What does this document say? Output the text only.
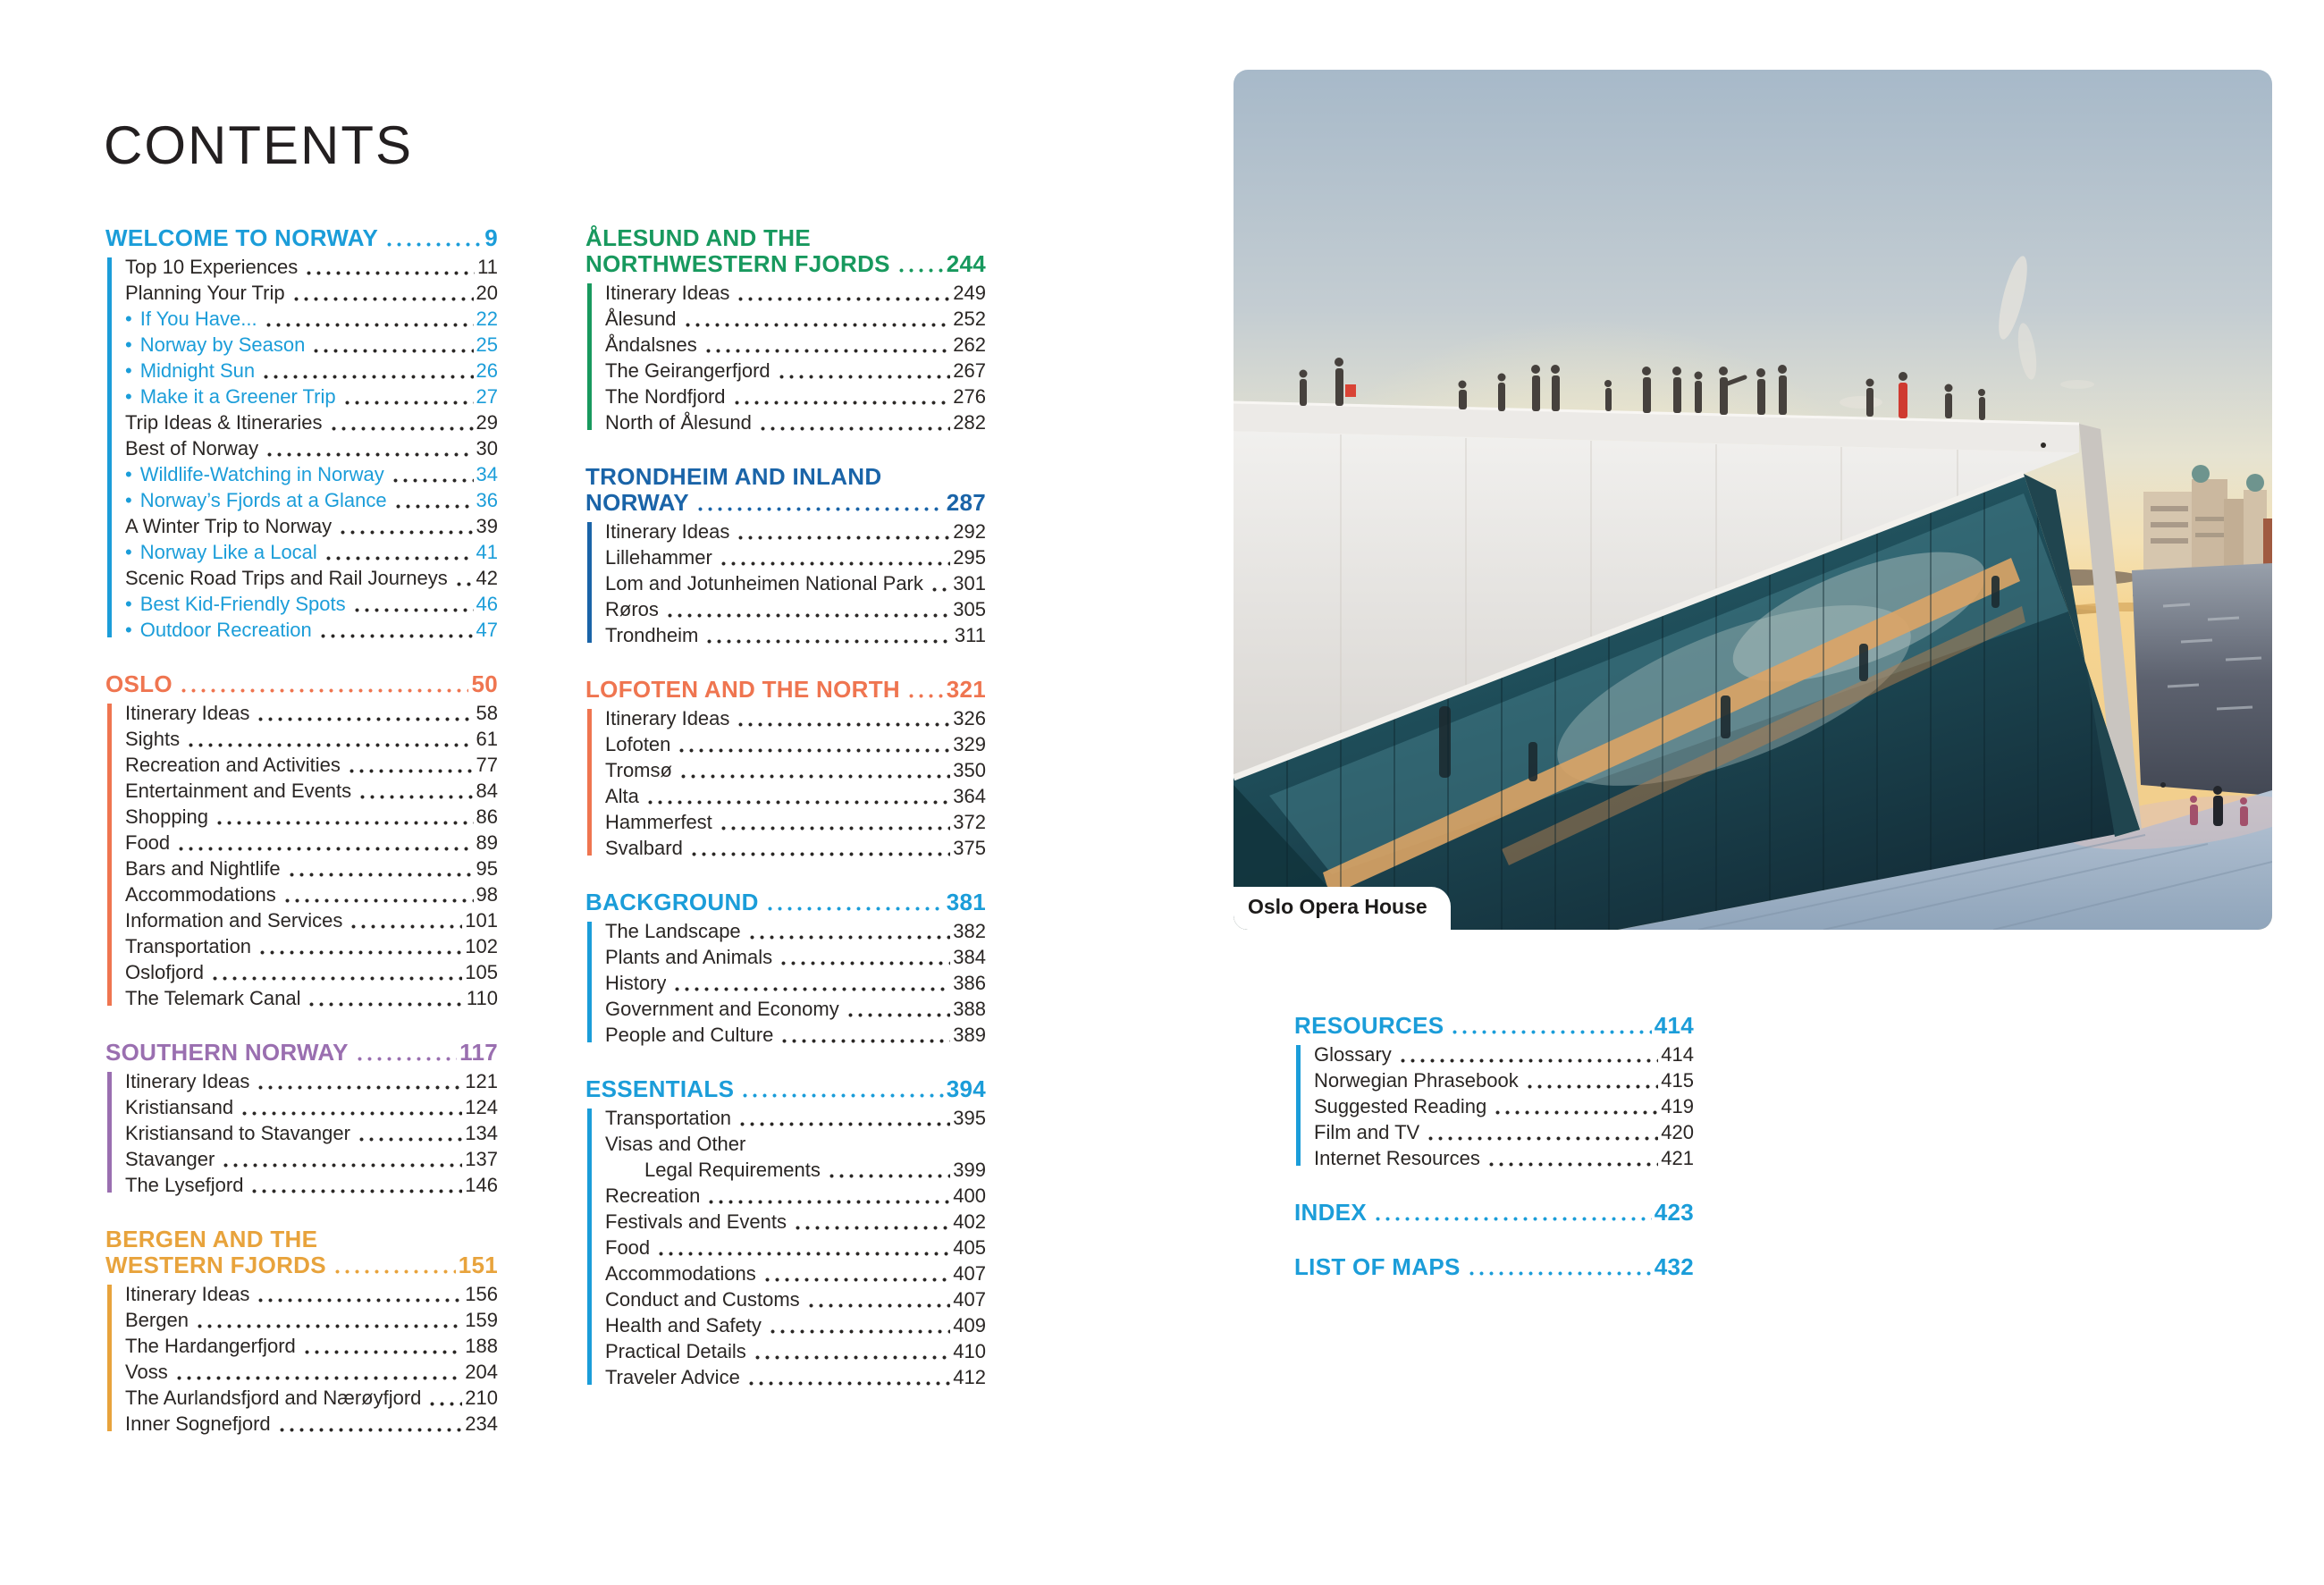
CONTENTS
WELCOME TO NORWAY	9
Top 10 Experiences	11
Planning Your Trip	20
• If You Have...	22
• Norway by Season	25
• Midnight Sun	26
• Make it a Greener Trip	27
Trip Ideas & Itineraries	29
Best of Norway	30
• Wildlife-Watching in Norway	34
• Norway’s Fjords at a Glance	36
A Winter Trip to Norway	39
• Norway Like a Local	41
Scenic Road Trips and Rail Journeys 42
• Best Kid-Friendly Spots	46
• Outdoor Recreation	47
OSLO	50
Itinerary Ideas	58
Sights	61
Recreation and Activities	77
Entertainment and Events	84
Shopping	86
Food	89
Bars and Nightlife	95
Accommodations	98
Information and Services	101
Transportation	102
Oslofjord	105
The Telemark Canal	110
SOUTHERN NORWAY	117
Itinerary Ideas	121
Kristiansand	124
Kristiansand to Stavanger	134
Stavanger	137
The Lysefjord	146
BERGEN AND THE
WESTERN FJORDS	151
Itinerary Ideas	156
Bergen	159
The Hardangerfjord	188
Voss	204
The Aurlandsfjord and Nærøyfjord 210
Inner Sognefjord	234
ÅLESUND AND THE
NORTHWESTERN FJORDS 244
Itinerary Ideas	249
Ålesund	252
Åndalsnes	262
The Geirangerfjord	267
The Nordfjord	276
North of Ålesund	282
TRONDHEIM AND INLAND
NORWAY	287
Itinerary Ideas	292
Lillehammer	295
Lom and Jotunheimen National Park 301
Røros	305
Trondheim	311
LOFOTEN AND THE NORTH 321
Itinerary Ideas	326
Lofoten	329
Tromsø	350
Alta	364
Hammerfest	372
Svalbard	375
BACKGROUND	381
The Landscape	382
Plants and Animals	384
History	386
Government and Economy	388
People and Culture	389
ESSENTIALS	394
Transportation	395
Visas and Other
Legal Requirements	399
Recreation	400
Festivals and Events	402
Food	405
Accommodations	407
Conduct and Customs	407
Health and Safety	409
Practical Details	410
Traveler Advice	412
RESOURCES	414
Glossary	414
Norwegian Phrasebook	415
Suggested Reading	419
Film and TV	420
Internet Resources	421
INDEX	423
LIST OF MAPS	432
Oslo Opera House
